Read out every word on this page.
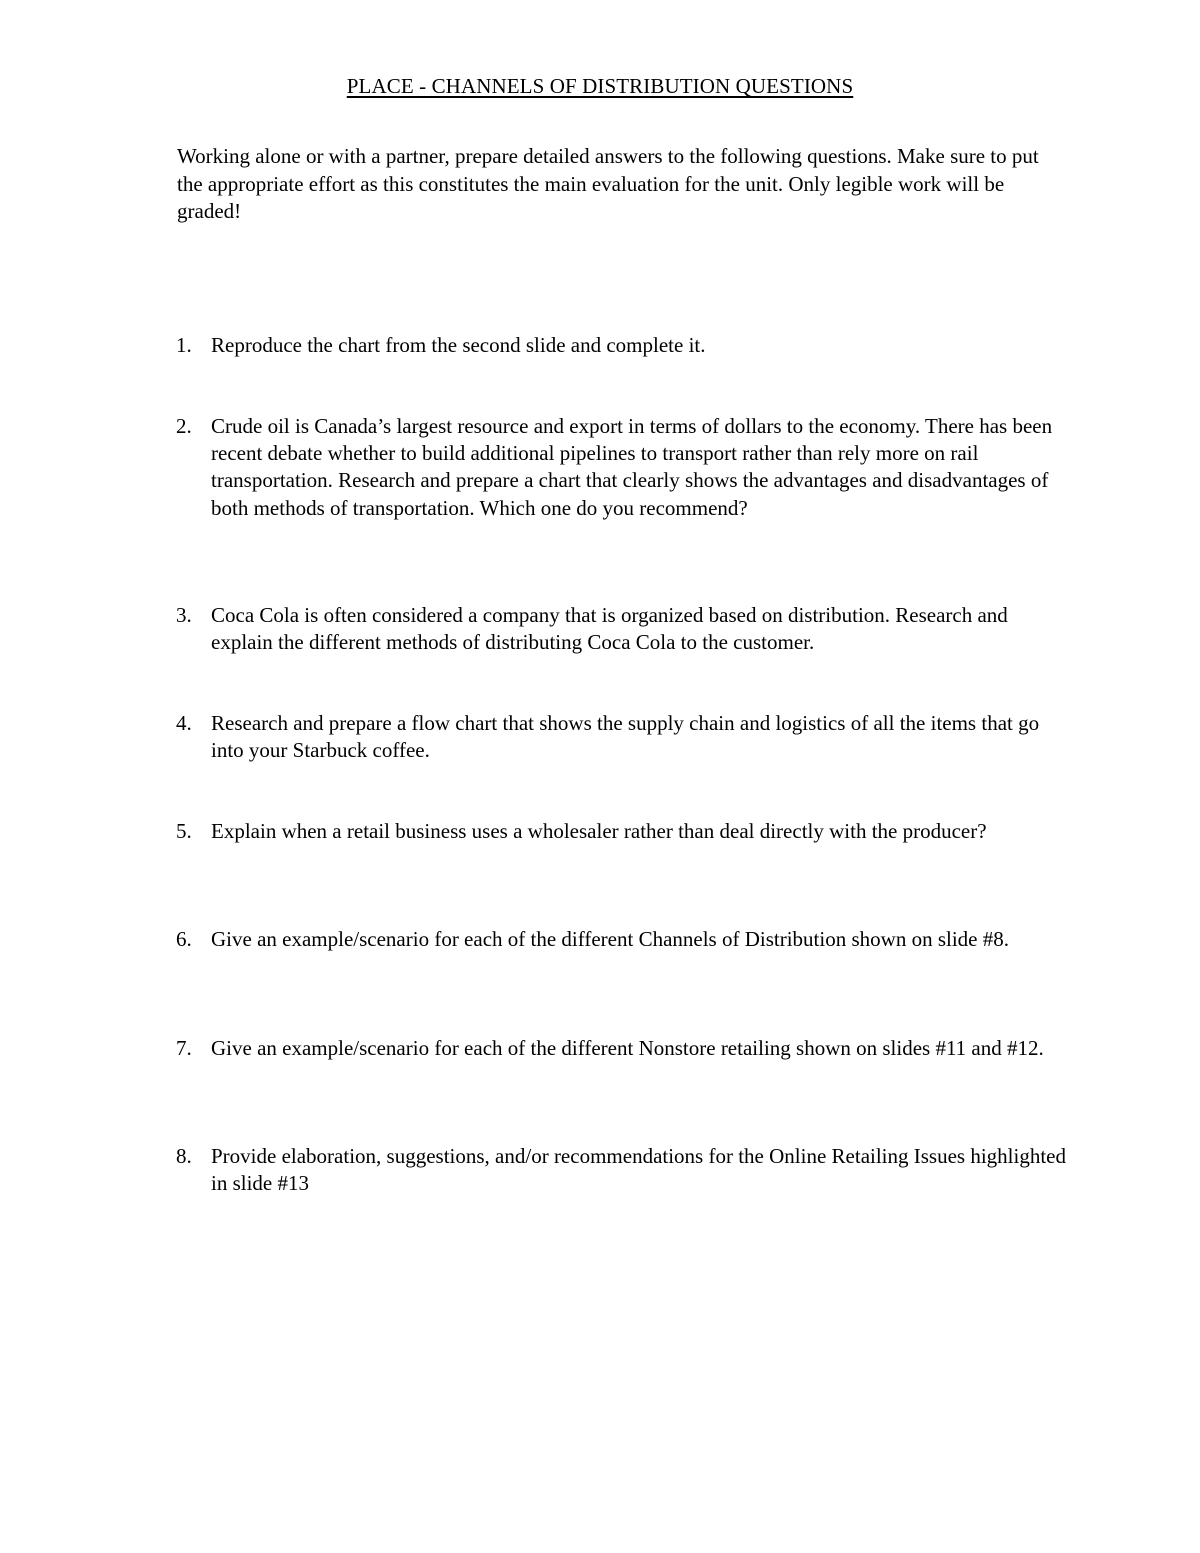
PLACE - CHANNELS OF DISTRIBUTION QUESTIONS

Working alone or with a partner, prepare detailed answers to the following questions. Make sure to put the appropriate effort as this constitutes the main evaluation for the unit. Only legible work will be graded!

1. Reproduce the chart from the second slide and complete it.
2. Crude oil is Canada’s largest resource and export in terms of dollars to the economy. There has been recent debate whether to build additional pipelines to transport rather than rely more on rail transportation. Research and prepare a chart that clearly shows the advantages and disadvantages of both methods of transportation. Which one do you recommend?
3. Coca Cola is often considered a company that is organized based on distribution. Research and explain the different methods of distributing Coca Cola to the customer.
4. Research and prepare a flow chart that shows the supply chain and logistics of all the items that go into your Starbuck coffee.
5. Explain when a retail business uses a wholesaler rather than deal directly with the producer?
6. Give an example/scenario for each of the different Channels of Distribution shown on slide #8.
7. Give an example/scenario for each of the different Nonstore retailing shown on slides #11 and #12.
8. Provide elaboration, suggestions, and/or recommendations for the Online Retailing Issues highlighted in slide #13
